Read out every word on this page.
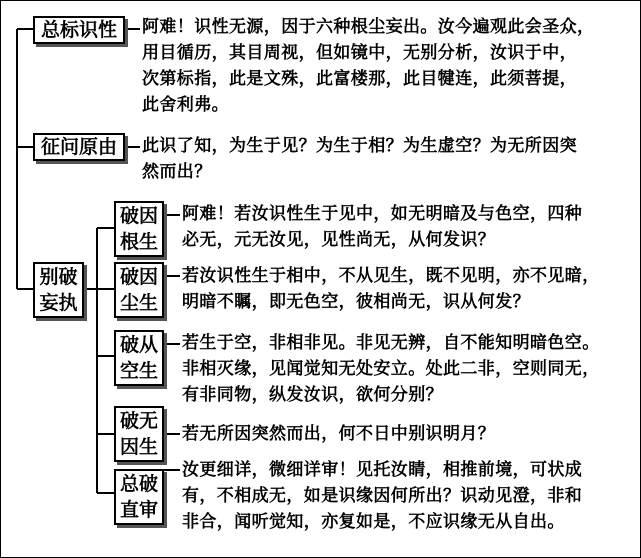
总标识性
征问原由
别破
妄执
破因
根生
破因
尘生
破从
空生
破无
因生
总破
直审
阿难！识性无源，因于六种根尘妄出。汝今遍观此会圣众，
用目循历，其目周视，但如镜中，无别分析，汝识于中，
次第标指，此是文殊，此富楼那，此目犍连，此须菩提，
此舍利弗。
此识了知，为生于见？为生于相？为生虚空？为无所因突
然而出？
阿难！若汝识性生于见中，如无明暗及与色空，四种
必无，元无汝见，见性尚无，从何发识？
若汝识性生于相中，不从见生，既不见明，亦不见暗，
明暗不瞩，即无色空，彼相尚无，识从何发？
若生于空，非相非见。非见无辨，自不能知明暗色空。
非相灭缘，见闻觉知无处安立。处此二非，空则同无，
有非同物，纵发汝识，欲何分别？
若无所因突然而出，何不日中别识明月？
汝更细详，微细详审！见托汝睛，相推前境，可状成
有，不相成无，如是识缘因何所出？识动见澄，非和
非合，闻听觉知，亦复如是，不应识缘无从自出。
